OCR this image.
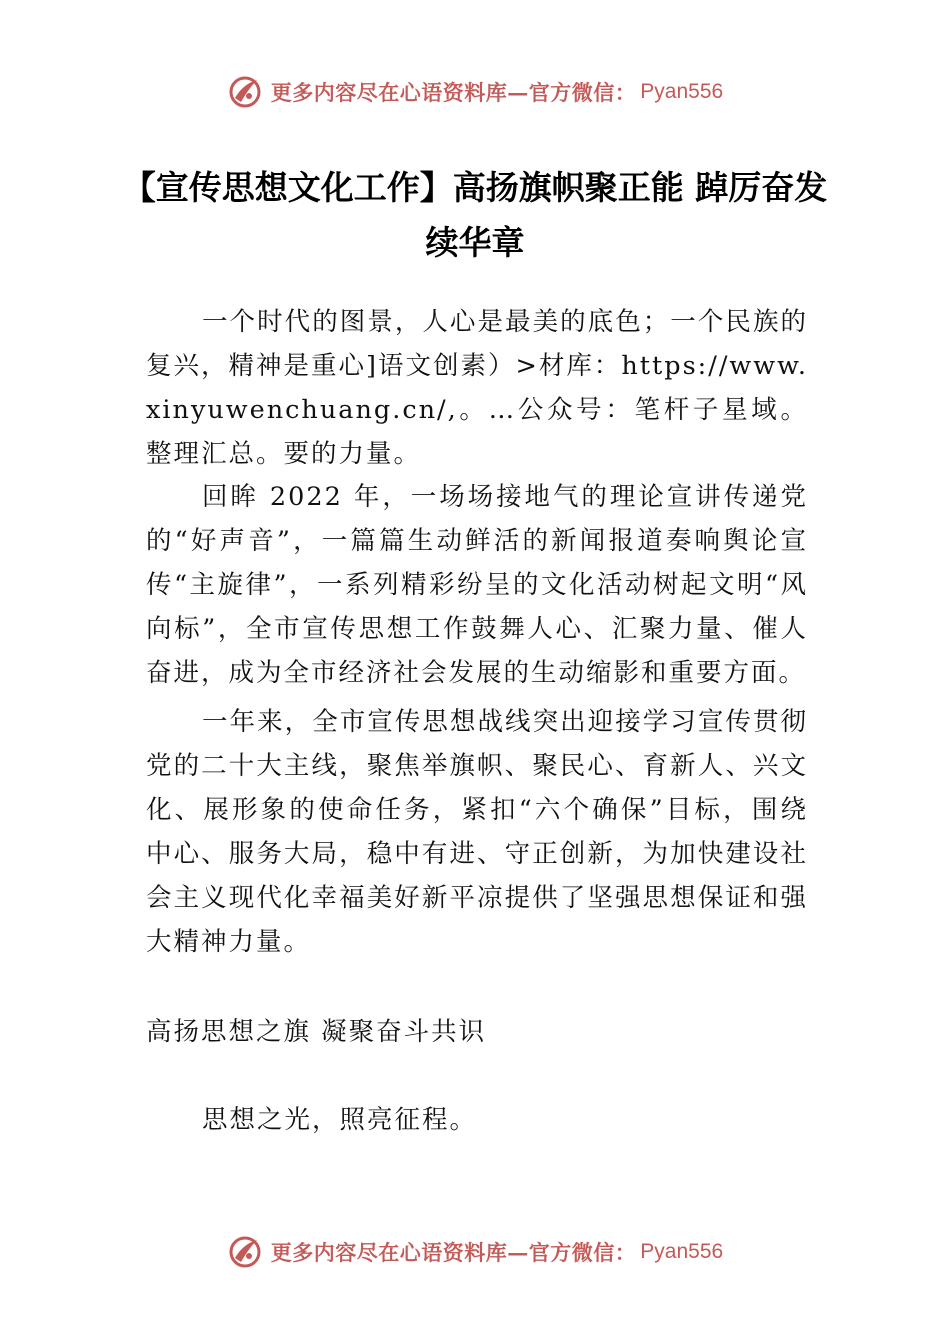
更多内容尽在心语资料库—官方微信： Pyan556
【宣传思想文化工作】高扬旗帜聚正能 踔厉奋发续华章

一个时代的图景，人心是最美的底色；一个民族的复兴，精神是重心]语文创素）>材库：https://www.xinyuwenchuang.cn/,。…公众号：笔杆子星域。整理汇总。要的力量。

回眸 2022 年，一场场接地气的理论宣讲传递党的“好声音”，一篇篇生动鲜活的新闻报道奏响舆论宣传“主旋律”，一系列精彩纷呈的文化活动树起文明“风向标”，全市宣传思想工作鼓舞人心、汇聚力量、催人奋进，成为全市经济社会发展的生动缩影和重要方面。

一年来，全市宣传思想战线突出迎接学习宣传贯彻党的二十大主线，聚焦举旗帜、聚民心、育新人、兴文化、展形象的使命任务，紧扣“六个确保”目标，围绕中心、服务大局，稳中有进、守正创新，为加快建设社会主义现代化幸福美好新平凉提供了坚强思想保证和强大精神力量。

高扬思想之旗 凝聚奋斗共识

思想之光，照亮征程。

更多内容尽在心语资料库—官方微信： Pyan556
